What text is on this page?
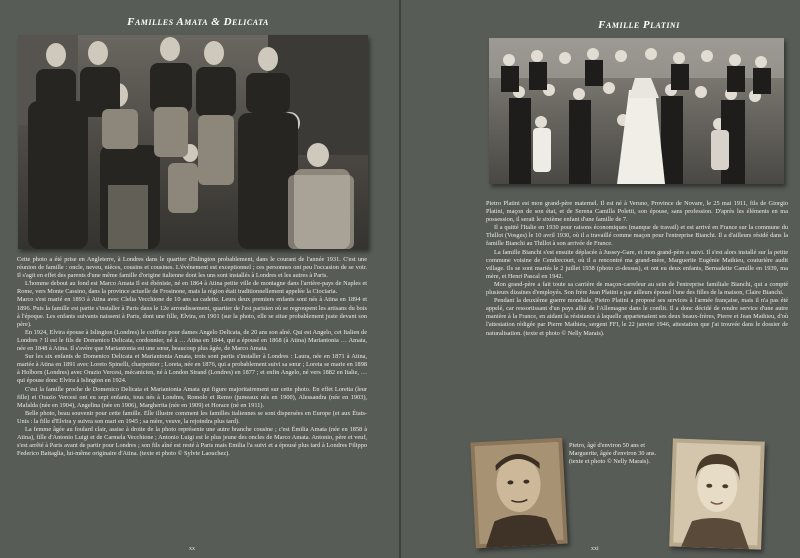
Familles Amata & Delicata

Cette photo a été prise en Angleterre, à Londres dans le quartier d'Islington probablement, dans le courant de l'année 1931. C'est une réunion de famille : oncle, neveu, nièces, cousins et cousines. L'événement est exceptionnel ; ces personnes ont peu l'occasion de se voir. Il s'agit en effet des parents d'une même famille d'origine italienne dont les uns sont installés à Londres et les autres à Paris.

L'homme debout au fond est Marco Amata Il est ébéniste, né en 1864 à Atina petite ville de montagne dans l'arrière-pays de Naples et Rome, vers Monte Cassino, dans la province actuelle de Frosinone, mais la région était traditionnellement appelée la Ciociaria.

Marco s'est marié en 1893 à Atina avec Clelia Vecchione de 10 ans sa cadette. Leurs deux premiers enfants sont nés à Atina en 1894 et 1896. Puis la famille est partie s'installer à Paris dans le 12e arrondissement, quartier de l'est parisien où se regroupent les artisans du bois à l'époque. Les enfants suivants naissent à Paris, dont une fille, Elvira, en 1901 (sur la photo, elle se situe probablement juste devant son père).

En 1924, Elvira épouse à Islington (Londres) le coiffeur pour dames Angelo Delicata, de 20 ans son aîné. Qui est Angelo, cet Italien de Londres ? Il est le fils de Domenico Delicata, cordonnier, né à … Atina en 1844, qui a épousé en 1868 (à Atina) Mariantonia … Amata, née en 1848 à Atina. Il s'avère que Mariantonia est une sœur, beaucoup plus âgée, de Marco Amata.

Sur les six enfants de Domenico Delicata et Mariantonia Amata, trois sont partis s'installer à Londres : Laura, née en 1871 à Atina, mariée à Atina en 1891 avec Loreto Spinelli, charpentier ; Loreta, née en 1876, qui a probablement suivi sa sœur ; Loreta se marie en 1898 à Holborn (Londres) avec Orazio Vercesi, mécanicien, né à London Strand (Londres) en 1877 ; et enfin Angelo, né vers 1882 en Italie, … qui épouse donc Elvira à Islington en 1924.

C'est la famille proche de Domenico Delicata et Mariantonia Amata qui figure majoritairement sur cette photo. En effet Loretta (leur fille) et Orazio Vercesi ont eu sept enfants, tous nés à Londres, Romolo et Remo (jumeaux nés en 1900), Alessandra (née en 1903), Mafalda (née en 1904), Angelina (née en 1906), Margherita (née en 1909) et Horace (né en 1911).

Belle photo, beau souvenir pour cette famille. Elle illustre comment les familles italiennes se sont dispersées en Europe (et aux États-Unis : la fille d'Elvira y suivra son mari en 1945 ; sa mère, veuve, la rejoindra plus tard).

La femme âgée au foulard clair, assise à droite de la photo représente une autre branche cousine ; c'est Émilia Amata (née en 1858 à Atina), fille d'Antonio Luigi et de Carmela Vecchione ; Antonio Luigi est le plus jeune des oncles de Marco Amata. Antonio, père et veuf, s'est arrêté à Paris avant de partir pour Londres ; son fils aîné est resté à Paris mais Emilia l'a suivi et a épousé plus tard à Londres Filippo Federico Battaglia, lui-même originaire d'Atina. (texte et photo © Sylvie Laouchez).

xx
Famille Platini

Pietro Platini est mon grand-père maternel. Il est né à Veruno, Province de Novare, le 25 mai 1911, fils de Giorgio Platini, maçon de son état, et de Serena Camilla Poletti, son épouse, sans profession. D'après les éléments en ma possession, il serait le sixième enfant d'une famille de 7.

Il a quitté l'Italie en 1930 pour raisons économiques (manque de travail) et est arrivé en France sur la commune du Thillot (Vosges) le 10 avril 1930, où il a travaillé comme maçon pour l'entreprise Bianchi. Il a d'ailleurs résidé dans la famille Bianchi au Thillot à son arrivée de France.

La famille Bianchi s'est ensuite déplacée à Jussey-Gare, et mon grand-père a suivi. Il s'est alors installé sur la petite commune voisine de Cendrecourt, où il a rencontré ma grand-mère, Marguerite Eugénie Mathieu, couturière audit village. Ils se sont mariés le 2 juillet 1938 (photo ci-dessus), et ont eu deux enfants, Bernadette Camille en 1939, ma mère, et Henri Pascal en 1942.

Mon grand-père a fait toute sa carrière de maçon-carreleur au sein de l'entreprise familiale Bianchi, qui a compté plusieurs dizaines d'employés. Son frère Jean Platini a par ailleurs épousé l'une des filles de la maison, Claire Bianchi.

Pendant la deuxième guerre mondiale, Pietro Platini a proposé ses services à l'armée française, mais il n'a pas été appelé, car ressortissant d'un pays allié de l'Allemagne dans le conflit. Il a donc décidé de rendre service d'une autre manière à la France, en aidant la résistance à laquelle appartenaient ses deux beaux-frères, Pierre et Jean Mathieu, d'où l'attestation rédigée par Pierre Mathieu, sergent FFI, le 22 janvier 1946, attestation que j'ai trouvée dans le dossier de naturalisation. (texte et photo © Nelly Marais).

Pietro, âgé d'environ 50 ans et Marguerite, âgée d'environ 30 ans. (texte et photo © Nelly Marais).
xxi
